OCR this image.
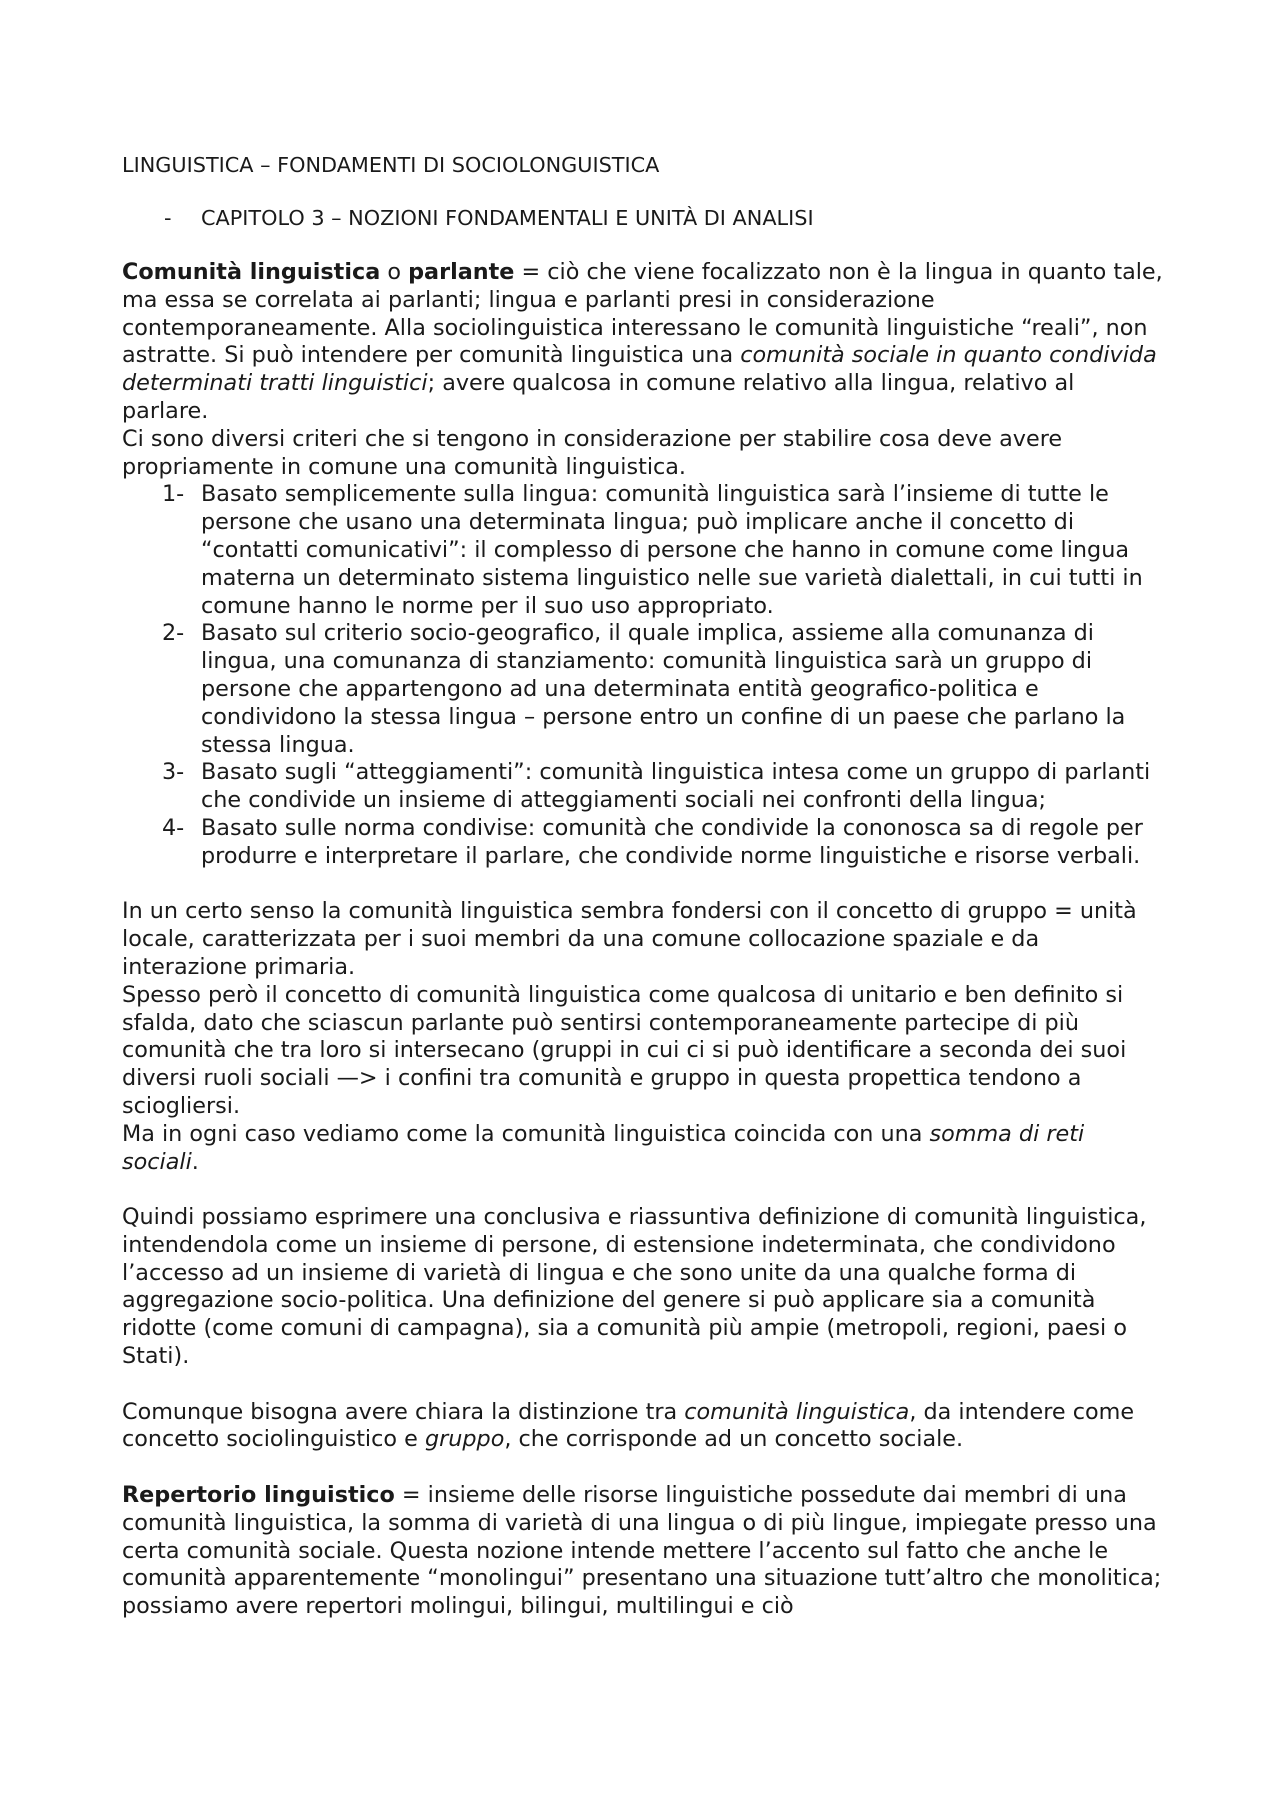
LINGUISTICA – FONDAMENTI DI SOCIOLONGUISTICA
- CAPITOLO 3 – NOZIONI FONDAMENTALI E UNITÀ DI ANALISI

Comunità linguistica o parlante = ciò che viene focalizzato non è la lingua in quanto tale, ma essa se correlata ai parlanti; lingua e parlanti presi in considerazione contemporaneamente. Alla sociolinguistica interessano le comunità linguistiche “reali”, non astratte. Si può intendere per comunità linguistica una comunità sociale in quanto condivida determinati tratti linguistici; avere qualcosa in comune relativo alla lingua, relativo al parlare.

Ci sono diversi criteri che si tengono in considerazione per stabilire cosa deve avere propriamente in comune una comunità linguistica.

1- Basato semplicemente sulla lingua: comunità linguistica sarà l’insieme di tutte le persone che usano una determinata lingua; può implicare anche il concetto di “contatti comunicativi”: il complesso di persone che hanno in comune come lingua materna un determinato sistema linguistico nelle sue varietà dialettali, in cui tutti in comune hanno le norme per il suo uso appropriato.
2- Basato sul criterio socio-geografico, il quale implica, assieme alla comunanza di lingua, una comunanza di stanziamento: comunità linguistica sarà un gruppo di persone che appartengono ad una determinata entità geografico-politica e condividono la stessa lingua – persone entro un confine di un paese che parlano la stessa lingua.
3- Basato sugli “atteggiamenti”: comunità linguistica intesa come un gruppo di parlanti che condivide un insieme di atteggiamenti sociali nei confronti della lingua;
4- Basato sulle norma condivise: comunità che condivide la cononosca sa di regole per produrre e interpretare il parlare, che condivide norme linguistiche e risorse verbali.

In un certo senso la comunità linguistica sembra fondersi con il concetto di gruppo = unità locale, caratterizzata per i suoi membri da una comune collocazione spaziale e da interazione primaria.

Spesso però il concetto di comunità linguistica come qualcosa di unitario e ben definito si sfalda, dato che sciascun parlante può sentirsi contemporaneamente partecipe di più comunità che tra loro si intersecano (gruppi in cui ci si può identificare a seconda dei suoi diversi ruoli sociali —> i confini tra comunità e gruppo in questa propettica tendono a sciogliersi.

Ma in ogni caso vediamo come la comunità linguistica coincida con una somma di reti sociali.

Quindi possiamo esprimere una conclusiva e riassuntiva definizione di comunità linguistica, intendendola come un insieme di persone, di estensione indeterminata, che condividono l’accesso ad un insieme di varietà di lingua e che sono unite da una qualche forma di aggregazione socio-politica. Una definizione del genere si può applicare sia a comunità ridotte (come comuni di campagna), sia a comunità più ampie (metropoli, regioni, paesi o Stati).

Comunque bisogna avere chiara la distinzione tra comunità linguistica, da intendere come concetto sociolinguistico e gruppo, che corrisponde ad un concetto sociale.

Repertorio linguistico = insieme delle risorse linguistiche possedute dai membri di una comunità linguistica, la somma di varietà di una lingua o di più lingue, impiegate presso una certa comunità sociale. Questa nozione intende mettere l’accento sul fatto che anche le comunità apparentemente “monolingui” presentano una situazione tutt’altro che monolitica; possiamo avere repertori molingui, bilingui, multilingui e ciò
